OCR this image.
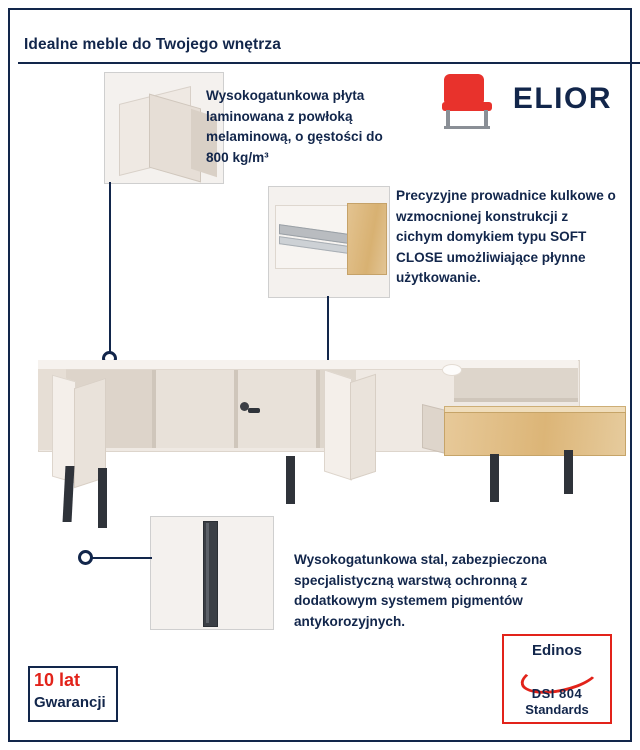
Idealne meble do Twojego wnętrza
ELIOR
Wysokogatunkowa płyta laminowana z powłoką melaminową, o gęstości do 800 kg/m³
Precyzyjne prowadnice kulkowe o wzmocnionej konstrukcji z cichym domykiem typu SOFT CLOSE umożliwiające płynne użytkowanie.
Wysokogatunkowa stal, zabezpieczona specjalistyczną warstwą ochronną z dodatkowym systemem pigmentów antykorozyjnych.
10 lat
Gwarancji
Edinos
DSI 804
Standards
